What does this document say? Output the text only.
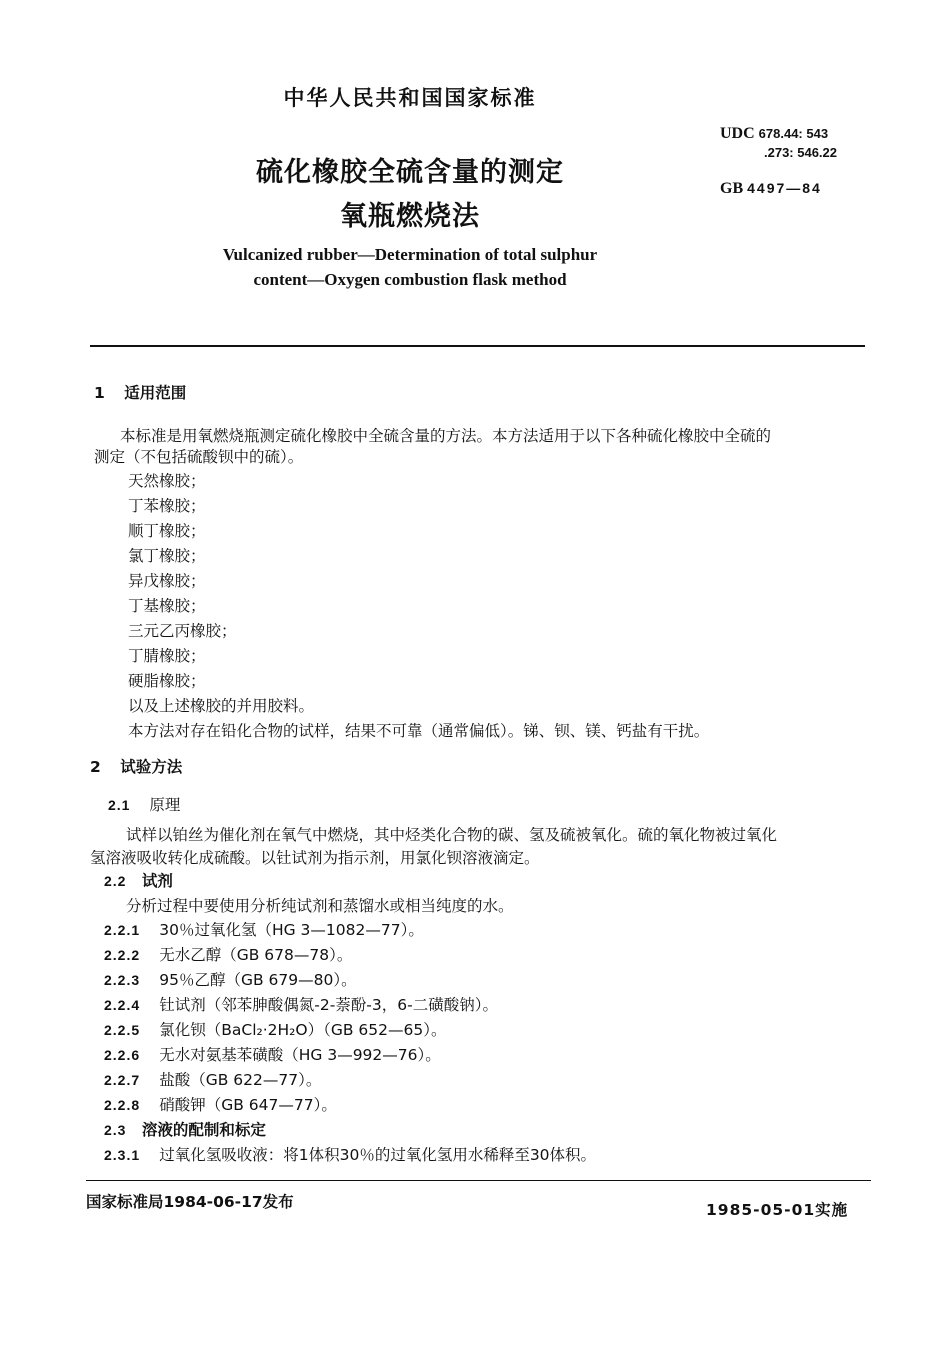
中华人民共和国国家标准
UDC 678.44: 543
.273: 546.22
GB 4497—84
硫化橡胶全硫含量的测定
氧瓶燃烧法
Vulcanized rubber—Determination of total sulphur
content—Oxygen combustion flask method
1 适用范围
本标准是用氧燃烧瓶测定硫化橡胶中全硫含量的方法。本方法适用于以下各种硫化橡胶中全硫的
测定（不包括硫酸钡中的硫）。
天然橡胶；
丁苯橡胶；
顺丁橡胶；
氯丁橡胶；
异戊橡胶；
丁基橡胶；
三元乙丙橡胶；
丁腈橡胶；
硬脂橡胶；
以及上述橡胶的并用胶料。
本方法对存在铅化合物的试样，结果不可靠（通常偏低）。锑、钡、镁、钙盐有干扰。
2 试验方法
2.1 原理
试样以铂丝为催化剂在氧气中燃烧，其中烃类化合物的碳、氢及硫被氧化。硫的氧化物被过氧化
氢溶液吸收转化成硫酸。以钍试剂为指示剂，用氯化钡溶液滴定。
2.2 试剂
分析过程中要使用分析纯试剂和蒸馏水或相当纯度的水。
2.2.1 30％过氧化氢（HG 3—1082—77）。
2.2.2 无水乙醇（GB 678—78）。
2.2.3 95％乙醇（GB 679—80）。
2.2.4 钍试剂（邻苯胂酸偶氮-2-萘酚-3，6-二磺酸钠）。
2.2.5 氯化钡（BaCl₂·2H₂O）（GB 652—65）。
2.2.6 无水对氨基苯磺酸（HG 3—992—76）。
2.2.7 盐酸（GB 622—77）。
2.2.8 硝酸钾（GB 647—77）。
2.3 溶液的配制和标定
2.3.1 过氧化氢吸收液：将1体积30％的过氧化氢用水稀释至30体积。
国家标准局1984-06-17发布	1985-05-01实施
